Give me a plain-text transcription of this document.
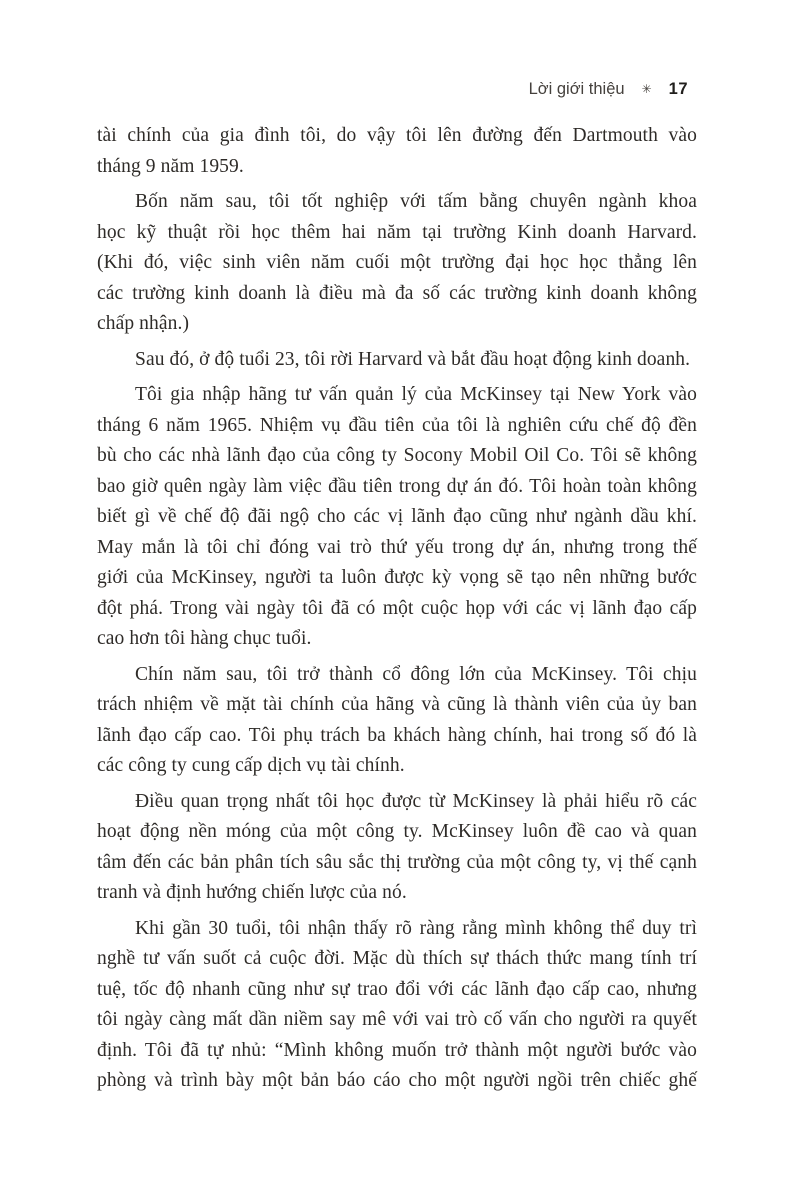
Lời giới thiệu ✳ 17
tài chính của gia đình tôi, do vậy tôi lên đường đến Dartmouth vào
tháng 9 năm 1959.
Bốn năm sau, tôi tốt nghiệp với tấm bằng chuyên ngành khoa
học kỹ thuật rồi học thêm hai năm tại trường Kinh doanh Harvard.
(Khi đó, việc sinh viên năm cuối một trường đại học học thẳng lên
các trường kinh doanh là điều mà đa số các trường kinh doanh không
chấp nhận.)
Sau đó, ở độ tuổi 23, tôi rời Harvard và bắt đầu hoạt động kinh doanh.
Tôi gia nhập hãng tư vấn quản lý của McKinsey tại New York vào
tháng 6 năm 1965. Nhiệm vụ đầu tiên của tôi là nghiên cứu chế độ đền
bù cho các nhà lãnh đạo của công ty Socony Mobil Oil Co. Tôi sẽ không
bao giờ quên ngày làm việc đầu tiên trong dự án đó. Tôi hoàn toàn không
biết gì về chế độ đãi ngộ cho các vị lãnh đạo cũng như ngành dầu khí.
May mắn là tôi chỉ đóng vai trò thứ yếu trong dự án, nhưng trong thế
giới của McKinsey, người ta luôn được kỳ vọng sẽ tạo nên những bước
đột phá. Trong vài ngày tôi đã có một cuộc họp với các vị lãnh đạo cấp
cao hơn tôi hàng chục tuổi.
Chín năm sau, tôi trở thành cổ đông lớn của McKinsey. Tôi chịu
trách nhiệm về mặt tài chính của hãng và cũng là thành viên của ủy ban
lãnh đạo cấp cao. Tôi phụ trách ba khách hàng chính, hai trong số đó là
các công ty cung cấp dịch vụ tài chính.
Điều quan trọng nhất tôi học được từ McKinsey là phải hiểu rõ các
hoạt động nền móng của một công ty. McKinsey luôn đề cao và quan
tâm đến các bản phân tích sâu sắc thị trường của một công ty, vị thế cạnh
tranh và định hướng chiến lược của nó.
Khi gần 30 tuổi, tôi nhận thấy rõ ràng rằng mình không thể duy trì
nghề tư vấn suốt cả cuộc đời. Mặc dù thích sự thách thức mang tính trí
tuệ, tốc độ nhanh cũng như sự trao đổi với các lãnh đạo cấp cao, nhưng
tôi ngày càng mất dần niềm say mê với vai trò cố vấn cho người ra quyết
định. Tôi đã tự nhủ: “Mình không muốn trở thành một người bước vào
phòng và trình bày một bản báo cáo cho một người ngồi trên chiếc ghế
